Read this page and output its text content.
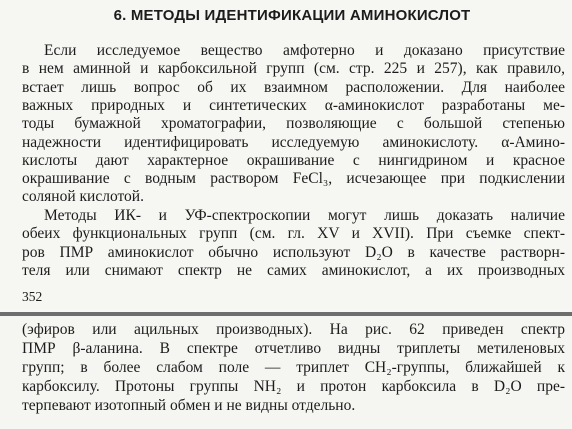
6. МЕТОДЫ ИДЕНТИФИКАЦИИ АМИНОКИСЛОТ
Если исследуемое вещество амфотерно и доказано присутствие
в нем аминной и карбоксильной групп (см. стр. 225 и 257), как правило,
встает лишь вопрос об их взаимном расположении. Для наиболее
важных природных и синтетических α-аминокислот разработаны ме-
тоды бумажной хроматографии, позволяющие с большой степенью
надежности идентифицировать исследуемую аминокислоту. α-Амино-
кислоты дают характерное окрашивание с нингидрином и красное
окрашивание с водным раствором FeCl₃, исчезающее при подкислении
соляной кислотой.
Методы ИК- и УФ-спектроскопии могут лишь доказать наличие
обеих функциональных групп (см. гл. XV и XVII). При съемке спект-
ров ПМР аминокислот обычно используют D₂O в качестве растворн-
теля или снимают спектр не самих аминокислот, а их производных
352
(эфиров или ацильных производных). На рис. 62 приведен спектр
ПМР β-аланина. В спектре отчетливо видны триплеты метиленовых
групп; в более слабом поле — триплет CH₂-группы, ближайшей к
карбоксилу. Протоны группы NH₂ и протон карбоксила в D₂O пре-
терпевают изотопный обмен и не видны отдельно.
